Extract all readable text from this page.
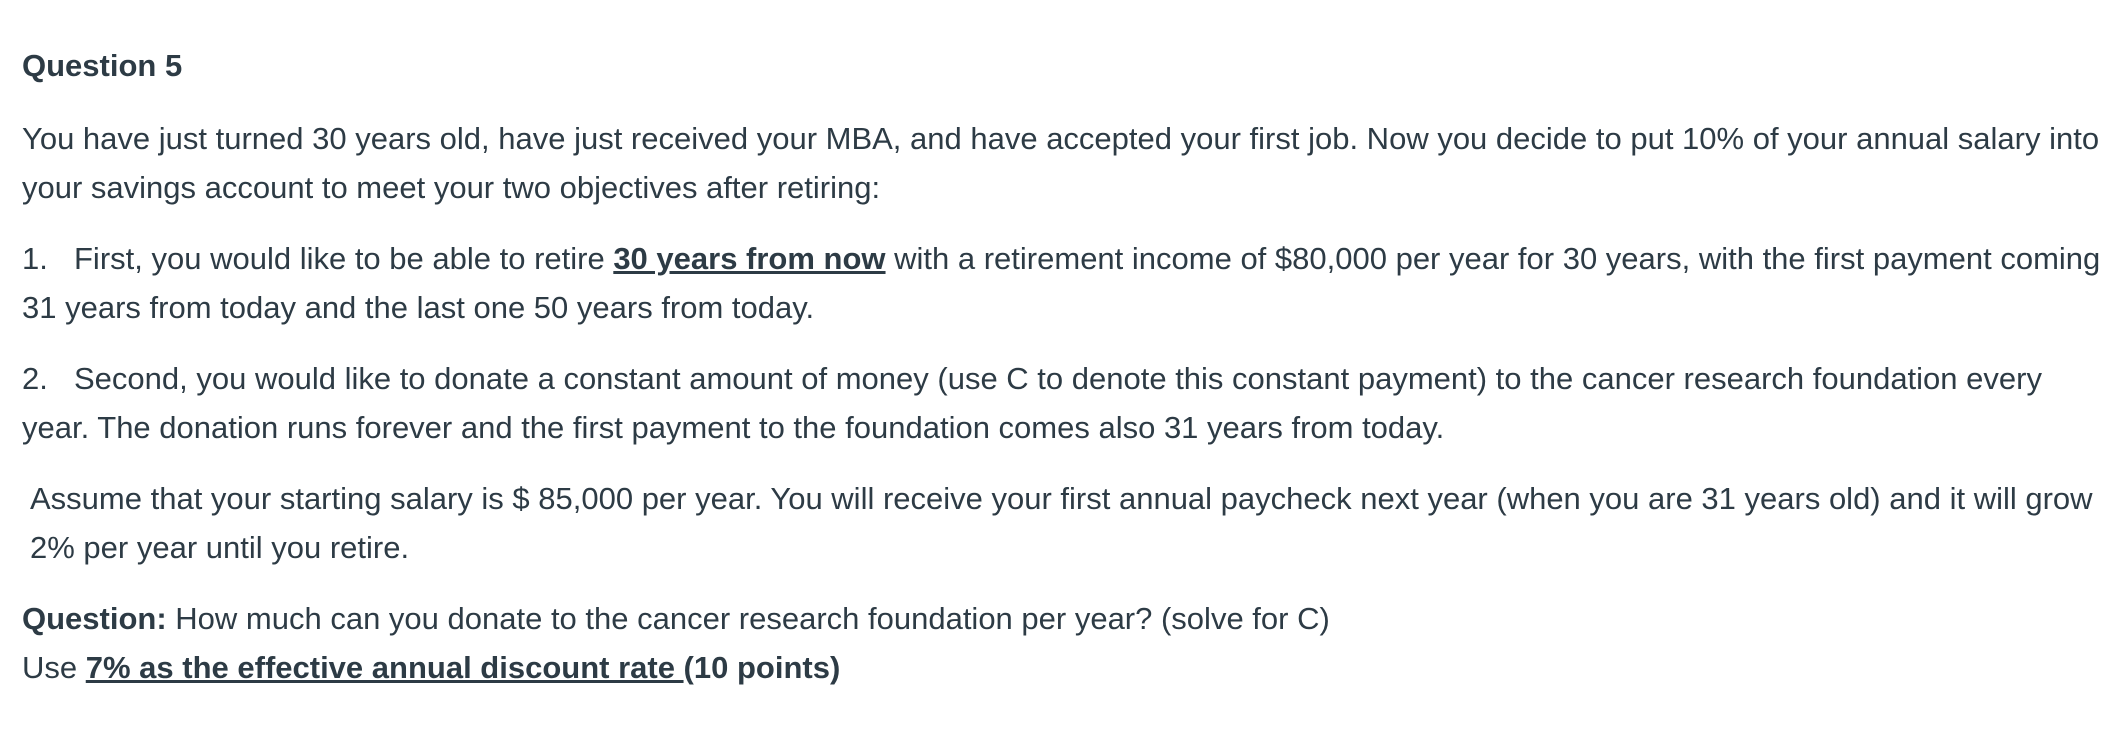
Question 5

You have just turned 30 years old, have just received your MBA, and have accepted your first job. Now you decide to put 10% of your annual salary into your savings account to meet your two objectives after retiring:

1. First, you would like to be able to retire 30 years from now with a retirement income of $80,000 per year for 30 years, with the first payment coming 31 years from today and the last one 50 years from today.

2. Second, you would like to donate a constant amount of money (use C to denote this constant payment) to the cancer research foundation every year. The donation runs forever and the first payment to the foundation comes also 31 years from today.

Assume that your starting salary is $ 85,000 per year. You will receive your first annual paycheck next year (when you are 31 years old) and it will grow 2% per year until you retire.

Question: How much can you donate to the cancer research foundation per year? (solve for C)
Use 7% as the effective annual discount rate (10 points)
